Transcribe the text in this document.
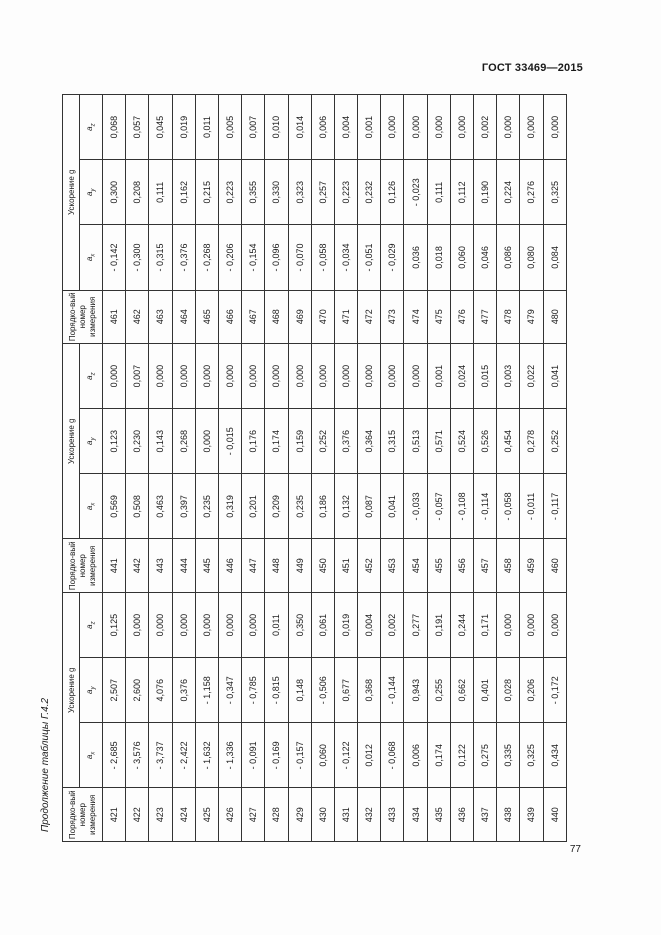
ГОСТ 33469—2015
Продолжение таблицы Г.4.2 Порядко-вый номер измерения	Ускорение g			Порядко-вый номер измерения	Ускорение g			Порядко-вый номер измерения	Ускорение g		
	$a_x$	$a_y$	$a_z$		$a_x$	$a_y$	$a_z$		$a_x$	$a_y$	$a_z$
421	- 2,685	2,507	0,125	441	0,569	0,123	0,000	461	- 0,142	0,300	0,068
422	- 3,576	2,600	0,000	442	0,508	0,230	0,007	462	- 0,300	0,208	0,057
423	- 3,737	4,076	0,000	443	0,463	0,143	0,000	463	- 0,315	0,111	0,045
424	- 2,422	0,376	0,000	444	0,397	0,268	0,000	464	- 0,376	0,162	0,019
425	- 1,632	- 1,158	0,000	445	0,235	0,000	0,000	465	- 0,268	0,215	0,011
426	- 1,336	- 0,347	0,000	446	0,319	- 0,015	0,000	466	- 0,206	0,223	0,005
427	- 0,091	- 0,785	0,000	447	0,201	0,176	0,000	467	- 0,154	0,355	0,007
428	- 0,169	- 0,815	0,011	448	0,209	0,174	0,000	468	- 0,096	0,330	0,010
429	- 0,157	0,148	0,350	449	0,235	0,159	0,000	469	- 0,070	0,323	0,014
430	0,060	- 0,506	0,061	450	0,186	0,252	0,000	470	- 0,058	0,257	0,006
431	- 0,122	0,677	0,019	451	0,132	0,376	0,000	471	- 0,034	0,223	0,004
432	0,012	0,368	0,004	452	0,087	0,364	0,000	472	- 0,051	0,232	0,001
433	- 0,068	- 0,144	0,002	453	0,041	0,315	0,000	473	- 0,029	0,126	0,000
434	0,006	0,943	0,277	454	- 0,033	0,513	0,000	474	0,036	- 0,023	0,000
435	0,174	0,255	0,191	455	- 0,057	0,571	0,001	475	0,018	0,111	0,000
436	0,122	0,662	0,244	456	- 0,108	0,524	0,024	476	0,060	0,112	0,000
437	0,275	0,401	0,171	457	- 0,114	0,526	0,015	477	0,046	0,190	0,002
438	0,335	0,028	0,000	458	- 0,058	0,454	0,003	478	0,086	0,224	0,000
439	0,325	0,206	0,000	459	- 0,011	0,278	0,022	479	0,080	0,276	0,000
440	0,434	- 0,172	0,000	460	- 0,117	0,252	0,041	480	0,084	0,325	0,000
77
